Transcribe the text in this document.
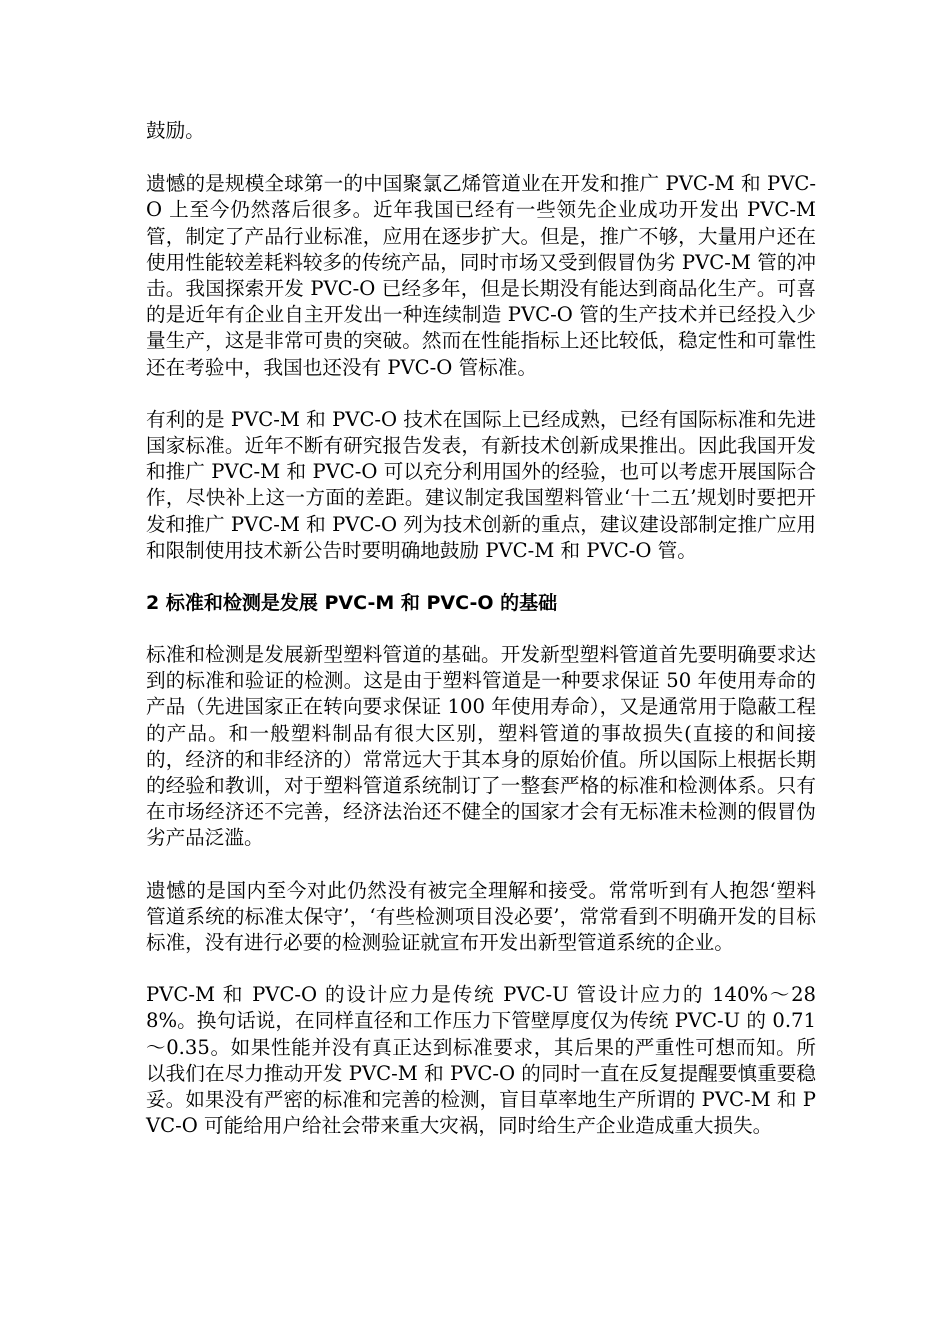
鼓励。

遗憾的是规模全球第一的中国聚氯乙烯管道业在开发和推广 PVC-M 和 PVC-O 上至今仍然落后很多。近年我国已经有一些领先企业成功开发出 PVC-M 管，制定了产品行业标准，应用在逐步扩大。但是，推广不够，大量用户还在使用性能较差耗料较多的传统产品，同时市场又受到假冒伪劣 PVC-M 管的冲击。我国探索开发 PVC-O 已经多年，但是长期没有能达到商品化生产。可喜的是近年有企业自主开发出一种连续制造 PVC-O 管的生产技术并已经投入少量生产，这是非常可贵的突破。然而在性能指标上还比较低，稳定性和可靠性还在考验中，我国也还没有 PVC-O 管标准。

有利的是 PVC-M 和 PVC-O 技术在国际上已经成熟，已经有国际标准和先进国家标准。近年不断有研究报告发表，有新技术创新成果推出。因此我国开发和推广 PVC-M 和 PVC-O 可以充分利用国外的经验，也可以考虑开展国际合作，尽快补上这一方面的差距。建议制定我国塑料管业‘十二五’规划时要把开发和推广 PVC-M 和 PVC-O 列为技术创新的重点，建议建设部制定推广应用和限制使用技术新公告时要明确地鼓励 PVC-M 和 PVC-O 管。

2 标准和检测是发展 PVC-M 和 PVC-O 的基础

标准和检测是发展新型塑料管道的基础。开发新型塑料管道首先要明确要求达到的标准和验证的检测。这是由于塑料管道是一种要求保证 50 年使用寿命的产品（先进国家正在转向要求保证 100 年使用寿命），又是通常用于隐蔽工程的产品。和一般塑料制品有很大区别，塑料管道的事故损失(直接的和间接的，经济的和非经济的）常常远大于其本身的原始价值。所以国际上根据长期的经验和教训，对于塑料管道系统制订了一整套严格的标准和检测体系。只有在市场经济还不完善，经济法治还不健全的国家才会有无标准未检测的假冒伪劣产品泛滥。

遗憾的是国内至今对此仍然没有被完全理解和接受。常常听到有人抱怨‘塑料管道系统的标准太保守’，‘有些检测项目没必要’，常常看到不明确开发的目标标准，没有进行必要的检测验证就宣布开发出新型管道系统的企业。

PVC-M 和 PVC-O 的设计应力是传统 PVC-U 管设计应力的 140%～288%。换句话说，在同样直径和工作压力下管壁厚度仅为传统 PVC-U 的 0.71～0.35。如果性能并没有真正达到标准要求，其后果的严重性可想而知。所以我们在尽力推动开发 PVC-M 和 PVC-O 的同时一直在反复提醒要慎重要稳妥。如果没有严密的标准和完善的检测，盲目草率地生产所谓的 PVC-M 和 PVC-O 可能给用户给社会带来重大灾祸，同时给生产企业造成重大损失。
